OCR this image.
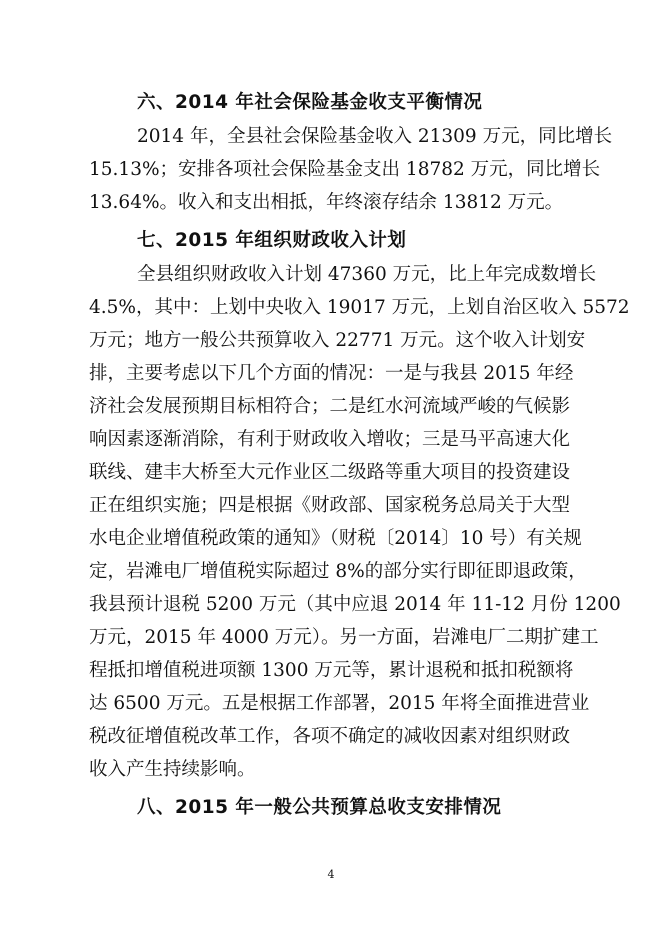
六、2014 年社会保险基金收支平衡情况

2014 年，全县社会保险基金收入 21309 万元，同比增长

15.13%；安排各项社会保险基金支出 18782 万元，同比增长

13.64%。收入和支出相抵，年终滚存结余 13812 万元。

七、2015 年组织财政收入计划

全县组织财政收入计划 47360 万元，比上年完成数增长

4.5%，其中：上划中央收入 19017 万元，上划自治区收入 5572

万元；地方一般公共预算收入 22771 万元。这个收入计划安

排，主要考虑以下几个方面的情况：一是与我县 2015 年经

济社会发展预期目标相符合；二是红水河流域严峻的气候影

响因素逐渐消除，有利于财政收入增收；三是马平高速大化

联线、建丰大桥至大元作业区二级路等重大项目的投资建设

正在组织实施；四是根据《财政部、国家税务总局关于大型

水电企业增值税政策的通知》（财税〔2014〕10 号）有关规

定，岩滩电厂增值税实际超过 8%的部分实行即征即退政策，

我县预计退税 5200 万元（其中应退 2014 年 11-12 月份 1200

万元，2015 年 4000 万元）。另一方面，岩滩电厂二期扩建工

程抵扣增值税进项额 1300 万元等，累计退税和抵扣税额将

达 6500 万元。五是根据工作部署，2015 年将全面推进营业

税改征增值税改革工作，各项不确定的减收因素对组织财政

收入产生持续影响。

八、2015 年一般公共预算总收支安排情况

4
